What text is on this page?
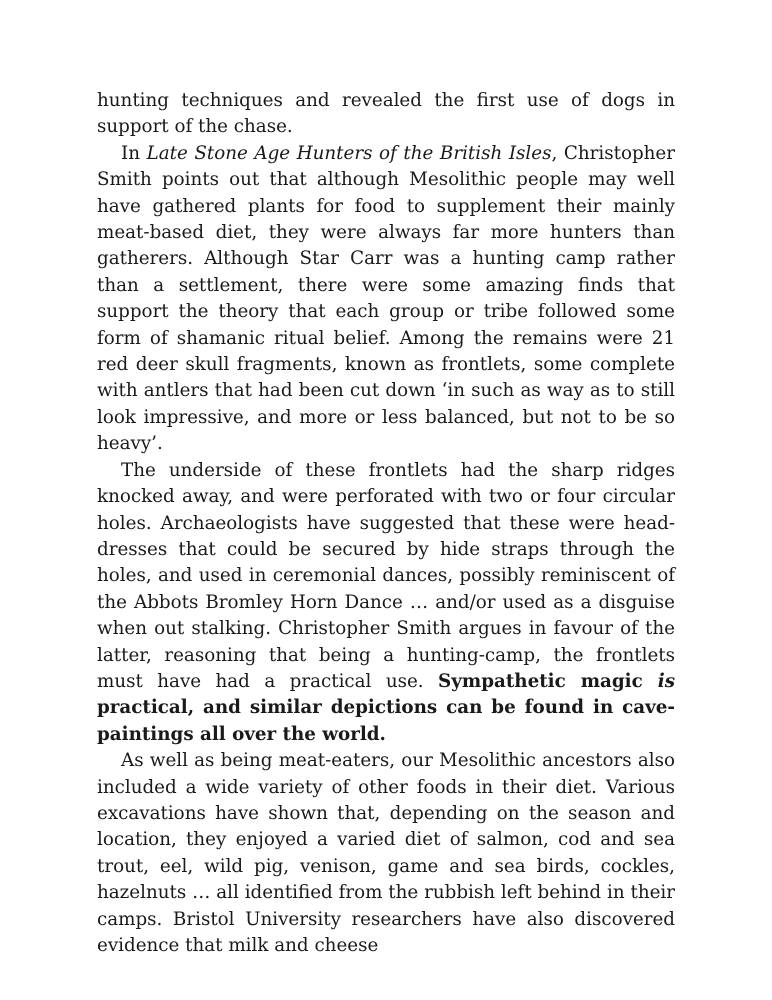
hunting techniques and revealed the first use of dogs in support of the chase.

In Late Stone Age Hunters of the British Isles, Christopher Smith points out that although Mesolithic people may well have gathered plants for food to supplement their mainly meat-based diet, they were always far more hunters than gatherers. Although Star Carr was a hunting camp rather than a settlement, there were some amazing finds that support the theory that each group or tribe followed some form of shamanic ritual belief. Among the remains were 21 red deer skull fragments, known as frontlets, some complete with antlers that had been cut down ‘in such as way as to still look impressive, and more or less balanced, but not to be so heavy’.

The underside of these frontlets had the sharp ridges knocked away, and were perforated with two or four circular holes. Archaeologists have suggested that these were head-dresses that could be secured by hide straps through the holes, and used in ceremonial dances, possibly reminiscent of the Abbots Bromley Horn Dance … and/or used as a disguise when out stalking. Christopher Smith argues in favour of the latter, reasoning that being a hunting-camp, the frontlets must have had a practical use. Sympathetic magic is practical, and similar depictions can be found in cave-paintings all over the world.

As well as being meat-eaters, our Mesolithic ancestors also included a wide variety of other foods in their diet. Various excavations have shown that, depending on the season and location, they enjoyed a varied diet of salmon, cod and sea trout, eel, wild pig, venison, game and sea birds, cockles, hazelnuts … all identified from the rubbish left behind in their camps. Bristol University researchers have also discovered evidence that milk and cheese
